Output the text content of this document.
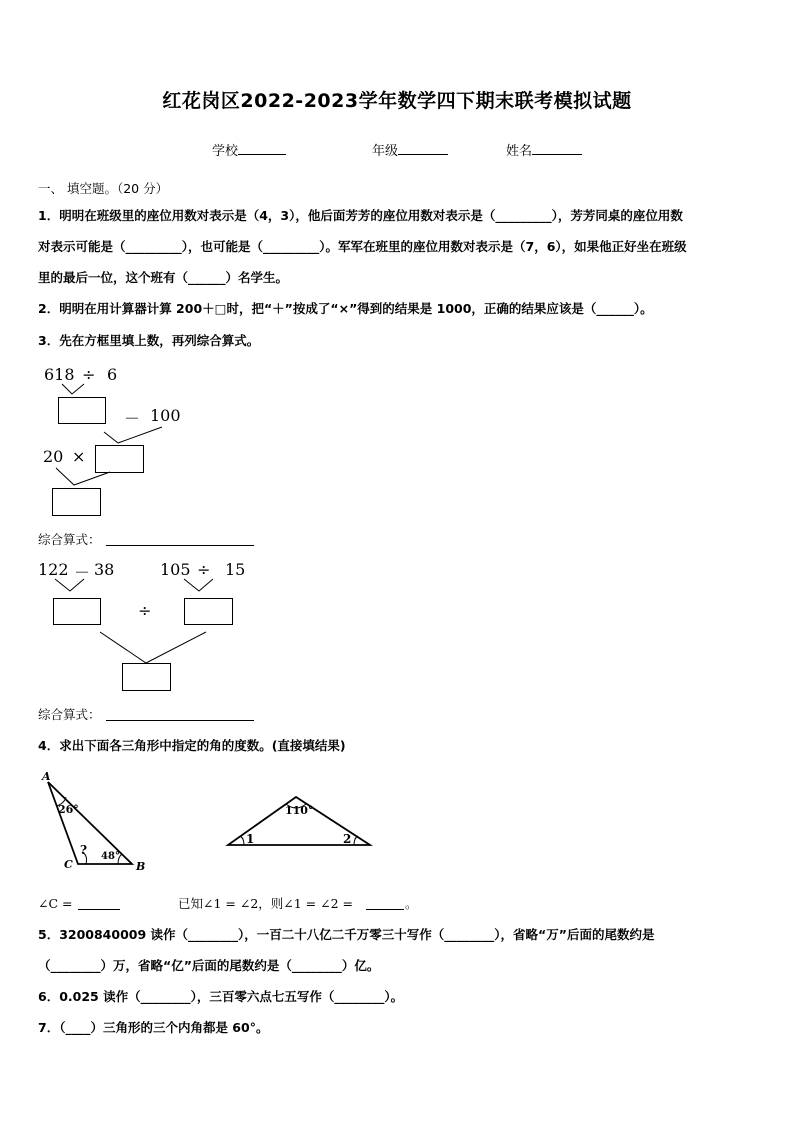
红花岗区2022-2023学年数学四下期末联考模拟试题
学校	年级	姓名
一、 填空题。（20 分）
1．明明在班级里的座位用数对表示是（4，3），他后面芳芳的座位用数对表示是（_________），芳芳同桌的座位用数
对表示可能是（_________），也可能是（_________）。军军在班里的座位用数对表示是（7，6），如果他正好坐在班级
里的最后一位，这个班有（______）名学生。
2．明明在用计算器计算 200＋□时，把“＋”按成了“×”得到的结果是 1000，正确的结果应该是（______）。
3．先在方框里填上数，再列综合算式。
618 ÷ 6
－ 100
20 ×
综合算式：
122 － 38	105 ÷ 15
÷
综合算式：
4．求出下面各三角形中指定的角的度数。(直接填结果)
A
26°
? 48°
C	B
110°
1	2
∠C =	已知∠1 = ∠2，则∠1 = ∠2 =	。
5．3200840009 读作（________），一百二十八亿二千万零三十写作（________），省略“万”后面的尾数约是
（________）万，省略“亿”后面的尾数约是（________）亿。
6．0.025 读作（________），三百零六点七五写作（________）。
7．（____）三角形的三个内角都是 60°。
